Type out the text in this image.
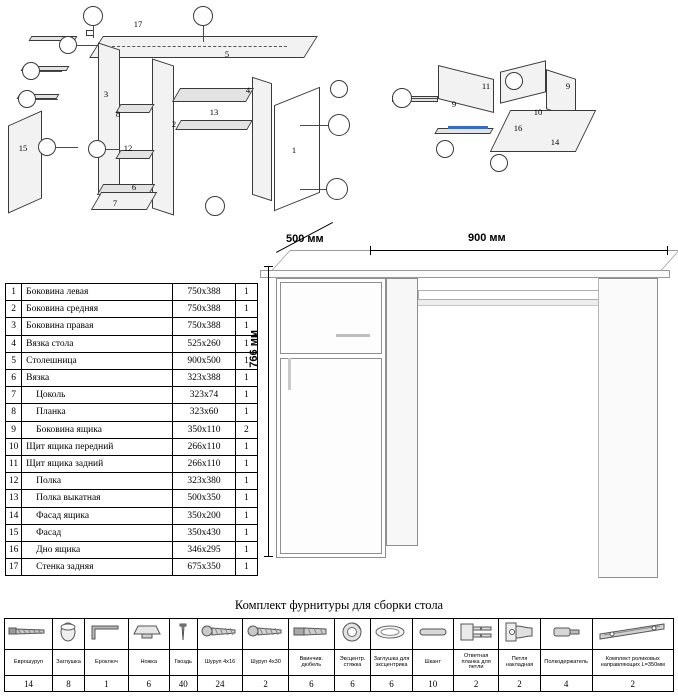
17
5
3	4
13
8
2
12	1
15
6
7
11
9
9
10
16
14
1	Боковина левая	750x388	1
2	Боковина средняя	750x388	1
3	Боковина правая	750x388	1
4	Вязка стола	525x260	1
5	Столешница	900x500	1
6	Вязка	323x388	1
7	Цоколь	323x74	1
8	Планка	323x60	1
9	Боковина ящика	350x110	2
10	Щит ящика передний	266x110	1
11	Щит ящика задний	266x110	1
12	Полка	323x380	1
13	Полка выкатная	500x350	1
14	Фасад ящика	350x200	1
15	Фасад	350x430	1
16	Дно ящика	346x295	1
17	Стенка задняя	675x350	1
500 мм	900 мм
766 мм
Комплект фурнитуры для сборки стола

Еврошуруп	Заглушка	Ероключ	Ножка	Гвоздь	Шуруп 4х16	Шуруп 4х30	Ввинчив. дюбель	Эксцентр. стяжка	Заглушка для эксцентрика	Шкант	Ответная планка для петли	Петля накладная	Полкодержатель	Комплект роликовых направляющих L=350мм
14	8	1	6	40	24	2	6	6	6	10	2	2	4	2
